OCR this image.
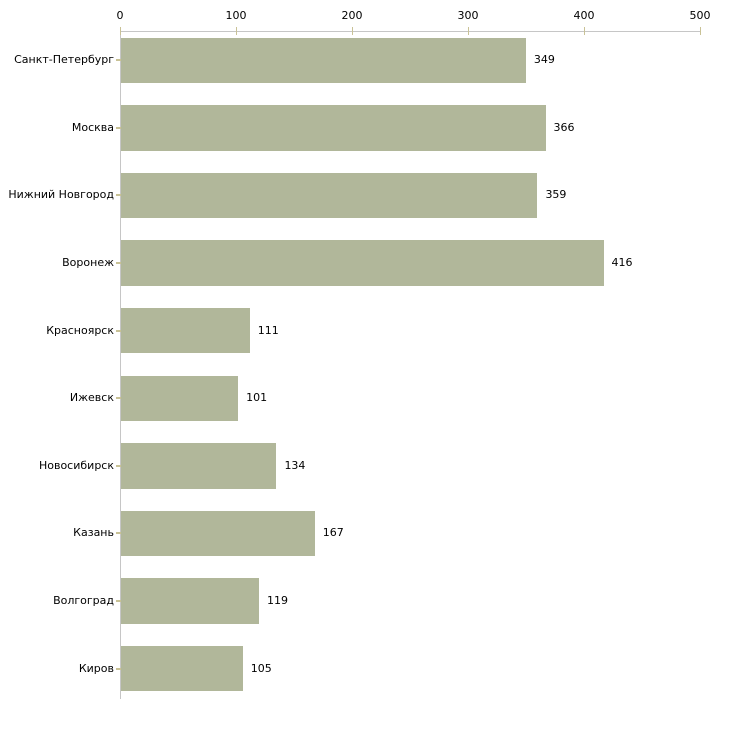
0	100	200	300	400	500
Санкт-Петербург	349
Москва	366
Нижний Новгород	359
Воронеж	416
Красноярск	111
Ижевск	101
Новосибирск	134
Казань	167
Волгоград	119
Киров	105
